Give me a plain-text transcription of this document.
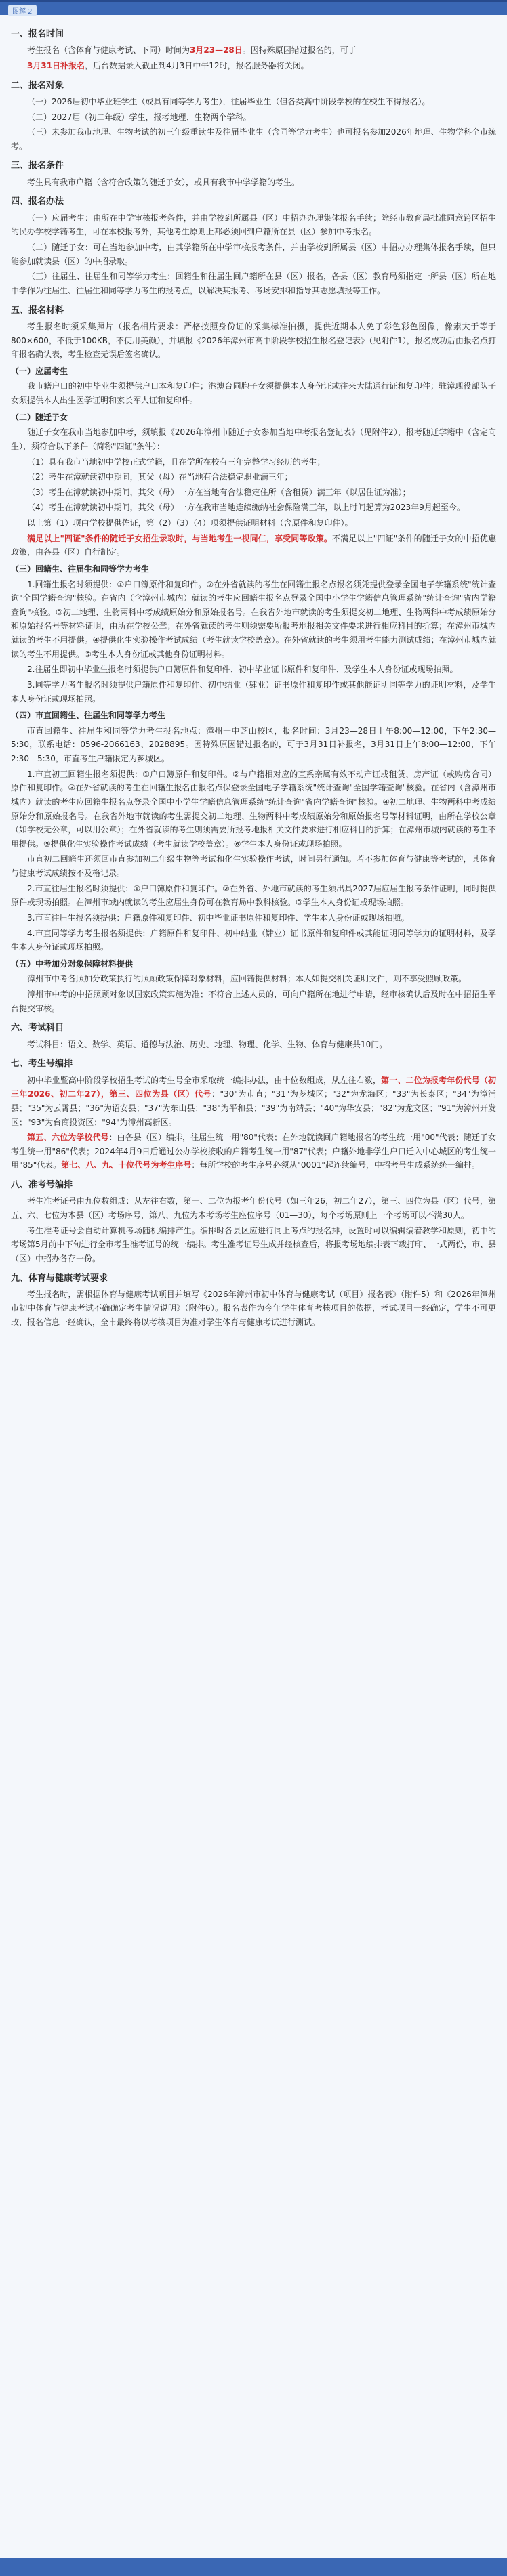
图解 2
一、报名时间
考生报名（含体育与健康考试、下同）时间为3月23—28日。因特殊原因错过报名的，可于
3月31日补报名，后台数据录入截止到4月3日中午12时，报名服务器将关闭。
二、报名对象
（一）2026届初中毕业班学生（或具有同等学力考生），往届毕业生（但各类高中阶段学校的在校生不得报名）。
（二）2027届（初二年级）学生，报考地理、生物两个学科。
（三）未参加我市地理、生物考试的初三年级重读生及往届毕业生（含同等学力考生）也可报名参加2026年地理、生物学科全市统考。
三、报名条件
考生具有我市户籍（含符合政策的随迁子女），或具有我市中学学籍的考生。
四、报名办法
（一）应届考生：由所在中学审核报考条件，并由学校到所属县（区）中招办办理集体报名手续；除经市教育局批准同意跨区招生的民办学校学籍考生，可在本校报考外，其他考生原则上都必须回到户籍所在县（区）参加中考报名。
（二）随迁子女：可在当地参加中考，由其学籍所在中学审核报考条件，并由学校到所属县（区）中招办办理集体报名手续，但只能参加就读县（区）的中招录取。
（三）往届生、往届生和同等学力考生：回籍生和往届生回户籍所在县（区）报名，各县（区）教育局须指定一所县（区）所在地中学作为往届生、往届生和同等学力考生的报考点，以解决其报考、考场安排和指导其志愿填报等工作。
五、报名材料
考生报名时须采集照片（报名相片要求：严格按照身份证的采集标准拍摄，提供近期本人免子彩色彩色图像，像素大于等于800×600，不低于100KB，不使用美颜），并填报《2026年漳州市高中阶段学校招生报名登记表》（见附件1），报名成功后由报名点打印报名确认表，考生检查无误后签名确认。
（一）应届考生
我市籍户口的初中毕业生须提供户口本和复印件；港澳台同胞子女须提供本人身份证或往来大陆通行证和复印件；驻漳现役部队子女须提供本人出生医学证明和家长军人证和复印件。
（二）随迁子女
随迁子女在我市当地参加中考，须填报《2026年漳州市随迁子女参加当地中考报名登记表》（见附件2），报考随迁学籍中（含定向生），须符合以下条件（简称"四证"条件）：
（1）具有我市当地初中学校正式学籍，且在学所在校有三年完整学习经历的考生；
（2）考生在漳就读初中期间，其父（母）在当地有合法稳定职业满三年；
（3）考生在漳就读初中期间，其父（母）一方在当地有合法稳定住所（含租赁）满三年（以居住证为准）；
（4）考生在漳就读初中期间，其父（母）一方在我市当地连续缴纳社会保险满三年，以上时间起算为2023年9月起至今。
以上第（1）项由学校提供佐证，第（2）（3）（4）项须提供证明材料（含原件和复印件）。
满足以上"四证"条件的随迁子女招生录取时，与当地考生一视同仁，享受同等政策。不满足以上"四证"条件的随迁子女的中招优惠政策，由各县（区）自行制定。
（三）回籍生、往届生和同等学力考生
1.回籍生报名时须提供：①户口簿原件和复印件。②在外省就读的考生在回籍生报名点报名须凭提供登录全国电子学籍系统"统计查询"全国学籍查询"核验。在省内（含漳州市城内）就读的考生应回籍生报名点登录全国中小学生学籍信息管理系统"统计查询"省内学籍查询"核验。③初二地理、生物两科中考成绩原始分和原始报名号。在我省外地市就读的考生须提交初二地理、生物两科中考成绩原始分和原始报名号等材料证明，由所在学校公章；在外省就读的考生则须需要所报考地报相关文件要求进行相应科目的折算；在漳州市城内就读的考生不用提供。④提供化生实验操作考试成绩（考生就读学校盖章）。在外省就读的考生须用考生能力测试成绩；在漳州市城内就读的考生不用提供。⑤考生本人身份证或其他身份证明材料。
2.往届生即初中毕业生报名时须提供户口簿原件和复印件、初中毕业证书原件和复印件、及学生本人身份证或现场拍照。
3.同等学力考生报名时须提供户籍原件和复印件、初中结业（肄业）证书原件和复印件或其他能证明同等学力的证明材料，及学生本人身份证或现场拍照。
（四）市直回籍生、往届生和同等学力考生
市直回籍生、往届生和同等学力考生报名地点：漳州一中芝山校区，报名时间：3月23—28日上午8:00—12:00，下午2:30—5:30，联系电话：0596-2066163、2028895。因特殊原因错过报名的，可于3月31日补报名，3月31日上午8:00—12:00，下午2:30—5:30，市直考生户籍限定为芗城区。
1.市直初三回籍生报名须提供：①户口簿原件和复印件。②与户籍相对应的直系亲属有效不动产证或租赁、房产证（或购房合同）原件和复印件。③在外省就读的考生在回籍生报名由报名点保登录全国电子学籍系统"统计查询"全国学籍查询"核验。在省内（含漳州市城内）就读的考生应回籍生报名点登录全国中小学生学籍信息管理系统"统计查询"省内学籍查询"核验。④初二地理、生物两科中考成绩原始分和原始报名号。在我省外地市就读的考生需提交初二地理、生物两科中考成绩原始分和原始报名号等材料证明，由所在学校公章（如学校无公章，可以用公章）；在外省就读的考生则须需要所报考地报相关文件要求进行相应科目的折算；在漳州市城内就读的考生不用提供。⑤提供化生实验操作考试成绩（考生就读学校盖章）。⑥学生本人身份证或现场拍照。
市直初二回籍生还须回市直参加初二年级生物等考试和化生实验操作考试，时间另行通知。若不参加体育与健康等考试的，其体育与健康考试成绩按不及格记录。
2.市直往届生报名时须提供：①户口簿原件和复印件。②在外省、外地市就读的考生须出具2027届应届生报考条件证明，同时提供原件或现场拍照。在漳州市域内就读的考生应届生身份可在教育局中教科核验。③学生本人身份证或现场拍照。
3.市直往届生报名须提供：户籍原件和复印件、初中毕业证书原件和复印件、学生本人身份证或现场拍照。
4.市直同等学力考生报名须提供：户籍原件和复印件、初中结业（肄业）证书原件和复印件或其能证明同等学力的证明材料，及学生本人身份证或现场拍照。
（五）中考加分对象保障材料提供
漳州市中考各照加分政策执行的照顾政策保障对象材料，应回籍提供材料；本人如提交相关证明文件，则不享受照顾政策。
漳州市中考的中招照顾对象以国家政策实施为准；不符合上述人员的，可向户籍所在地进行申请，经审核确认后及时在中招招生平台提交审核。
六、考试科目
考试科目：语文、数学、英语、道德与法治、历史、地理、物理、化学、生物、体育与健康共10门。
七、考生号编排
初中毕业暨高中阶段学校招生考试的考生号全市采取统一编排办法，由十位数组成，从左往右数，第一、二位为报考年份代号（初三年2026、初二年27），第三、四位为县（区）代号："30"为市直；"31"为芗城区；"32"为龙海区；"33"为长泰区；"34"为漳浦县；"35"为云霄县；"36"为诏安县；"37"为东山县；"38"为平和县；"39"为南靖县；"40"为华安县；"82"为龙文区；"91"为漳州开发区；"93"为台商投资区；"94"为漳州高新区。
第五、六位为学校代号：由各县（区）编排，往届生统一用"80"代表；在外地就读回户籍地报名的考生统一用"00"代表；随迁子女考生统一用"86"代表；2024年4月9日后通过公办学校接收的户籍考生统一用"87"代表；户籍外地非学生户口迁入中心城区的考生统一用"85"代表。第七、八、九、十位代号为考生序号：每所学校的考生序号必须从"0001"起连续编号，中招考号生成系统统一编排。
八、准考号编排
考生准考证号由九位数组成：从左往右数，第一、二位为报考年份代号（如三年26，初二年27），第三、四位为县（区）代号，第五、六、七位为本县（区）考场序号，第八、九位为本考场考生座位序号（01—30），每个考场原则上一个考场可以不满30人。
考生准考证号会自动计算机考场随机编排产生。编排时各县区应进行同上考点的报名排，设置时可以编辑编着教学和原则，初中的考场第5月前中下旬进行全市考生准考证号的统一编排。考生准考证号生成并经核查后，将报考场地编排表下载打印、一式两份，市、县（区）中招办各存一份。
九、体育与健康考试要求
考生报名时，需根据体育与健康考试项目并填写《2026年漳州市初中体育与健康考试（项目）报名表》（附件5）和《2026年漳州市初中体育与健康考试不确确定考生情况说明》（附件6）。报名表作为今年学生体育考核项目的依据，考试项目一经确定，学生不可更改，报名信息一经确认，全市最终将以考核项目为准对学生体育与健康考试进行测试。
